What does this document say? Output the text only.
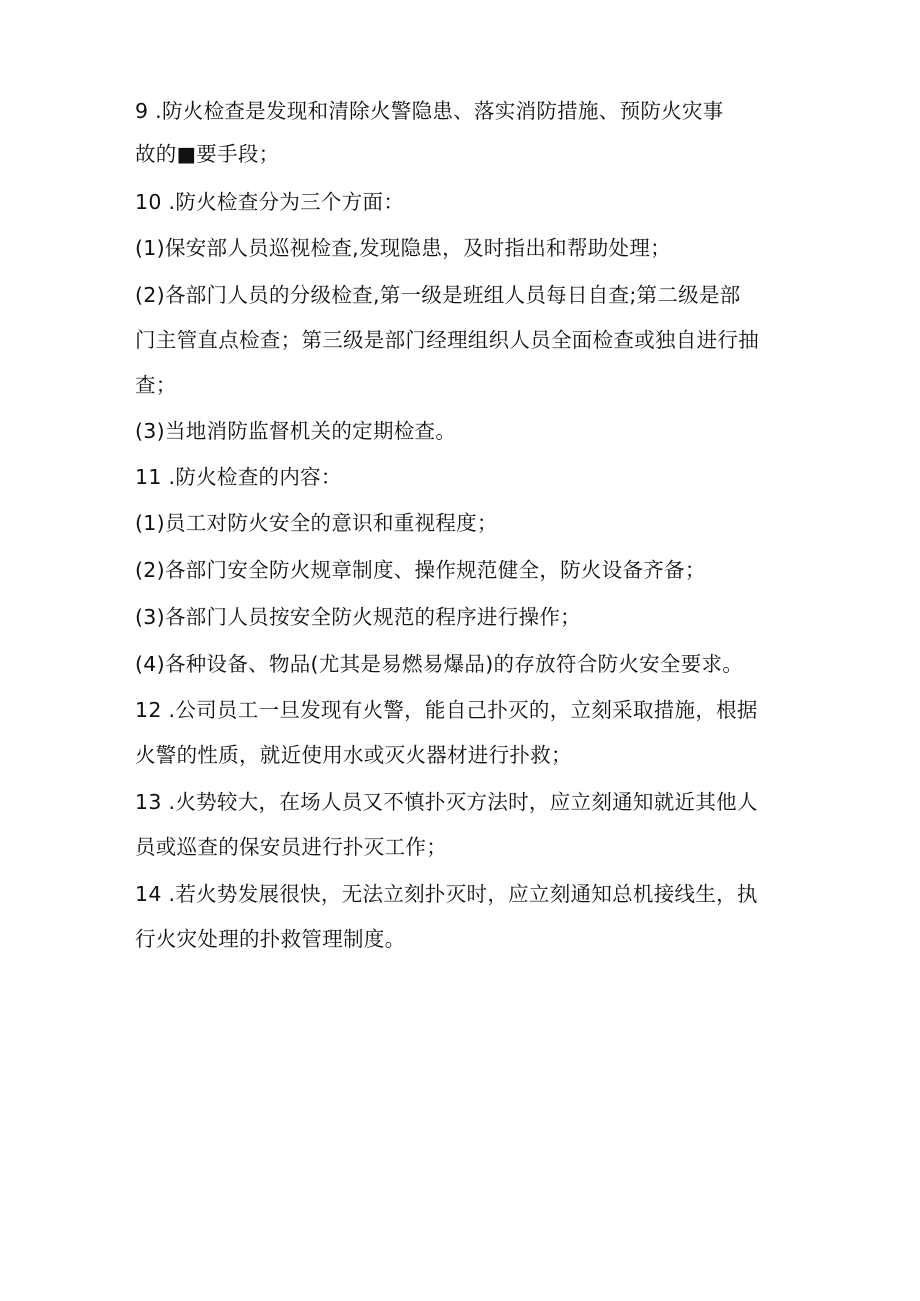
9 .防火检查是发现和清除火警隐患、落实消防措施、预防火灾事

故的■要手段；

10 .防火检查分为三个方面：

(1)保安部人员巡视检查,发现隐患，及时指出和帮助处理；

(2)各部门人员的分级检查,第一级是班组人员每日自查;第二级是部

门主管直点检查；第三级是部门经理组织人员全面检查或独自进行抽

查；

(3)当地消防监督机关的定期检查。

11 .防火检查的内容：

(1)员工对防火安全的意识和重视程度；

(2)各部门安全防火规章制度、操作规范健全，防火设备齐备；

(3)各部门人员按安全防火规范的程序进行操作；

(4)各种设备、物品(尤其是易燃易爆品)的存放符合防火安全要求。

12 .公司员工一旦发现有火警，能自己扑灭的，立刻采取措施，根据

火警的性质，就近使用水或灭火器材进行扑救；

13 .火势较大，在场人员又不慎扑灭方法时，应立刻通知就近其他人

员或巡查的保安员进行扑灭工作；

14 .若火势发展很快，无法立刻扑灭时，应立刻通知总机接线生，执

行火灾处理的扑救管理制度。
